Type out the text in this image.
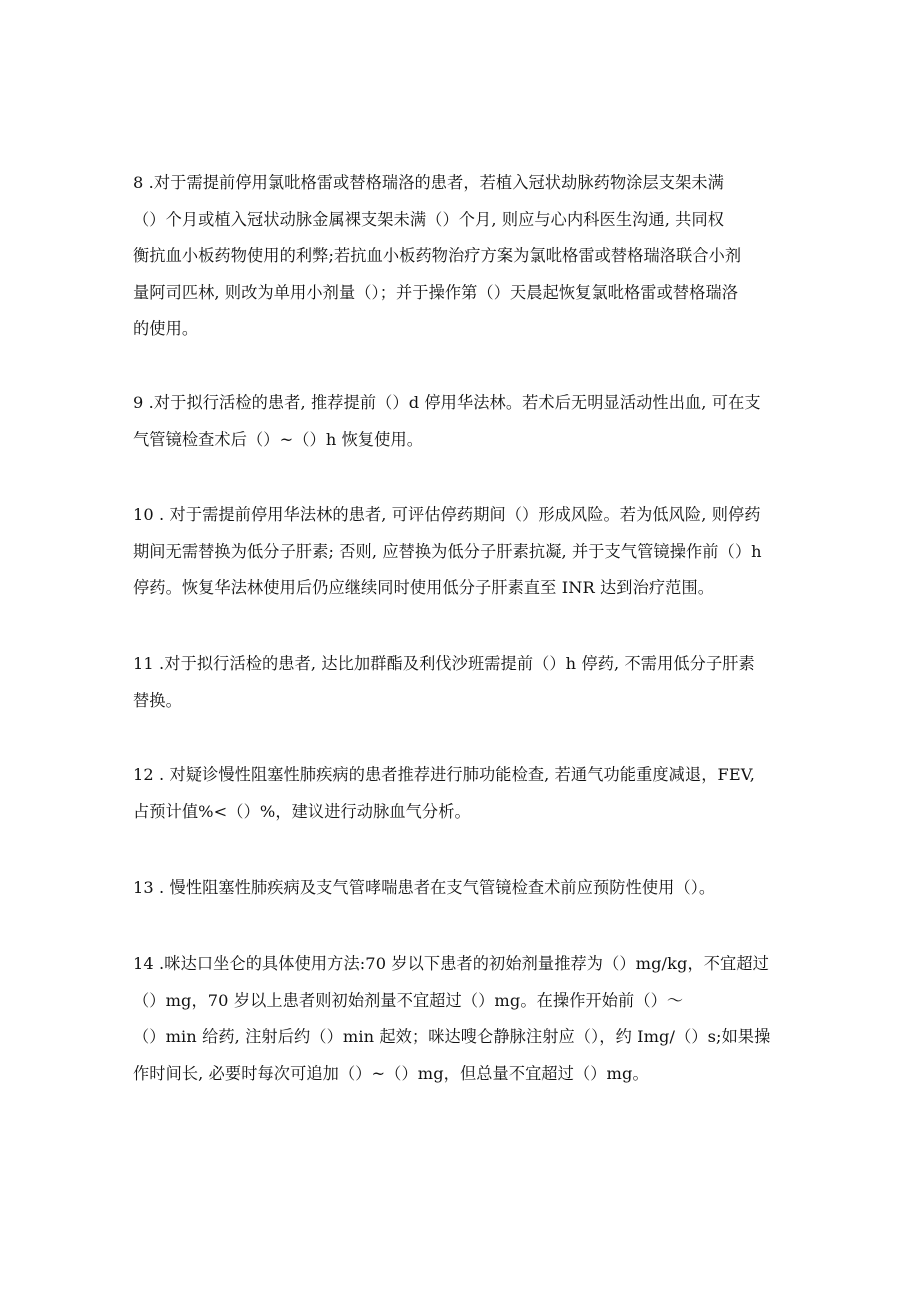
8 .对于需提前停用氯吡格雷或替格瑞洛的患者，若植入冠状劫脉药物涂层支架未满
（）个月或植入冠状动脉金属裸支架未满（）个月, 则应与心内科医生沟通, 共同权
衡抗血小板药物使用的利弊;若抗血小板药物治疗方案为氯吡格雷或替格瑞洛联合小剂
量阿司匹林, 则改为单用小剂量（）；并于操作第（）天晨起恢复氯吡格雷或替格瑞洛
的使用。
9 .对于拟行活检的患者, 推荐提前（）d 停用华法林。若术后无明显活动性出血, 可在支
气管镜检查术后（）~（）h 恢复使用。
10 . 对于需提前停用华法林的患者, 可评估停药期间（）形成风险。若为低风险, 则停药
期间无需替换为低分子肝素; 否则, 应替换为低分子肝素抗凝, 并于支气管镜操作前（）h
停药。恢复华法林使用后仍应继续同时使用低分子肝素直至 INR 达到治疗范围。
11 .对于拟行活检的患者, 达比加群酯及利伐沙班需提前（）h 停药, 不需用低分子肝素
替换。
12 . 对疑诊慢性阻塞性肺疾病的患者推荐进行肺功能检查, 若通气功能重度减退，FEV,
占预计值%<（）%，建议进行动脉血气分析。
13 . 慢性阻塞性肺疾病及支气管哮喘患者在支气管镜检查术前应预防性使用（）。
14 .咪达口坐仑的具体使用方法:70 岁以下患者的初始剂量推荐为（）mg/kg，不宜超过
（）mg，70 岁以上患者则初始剂量不宜超过（）mg。在操作开始前（）～
（）min 给药, 注射后约（）min 起效；咪达嗖仑静脉注射应（），约 Img/（）s;如果操
作时间长, 必要时每次可追加（）~（）mg，但总量不宜超过（）mg。
